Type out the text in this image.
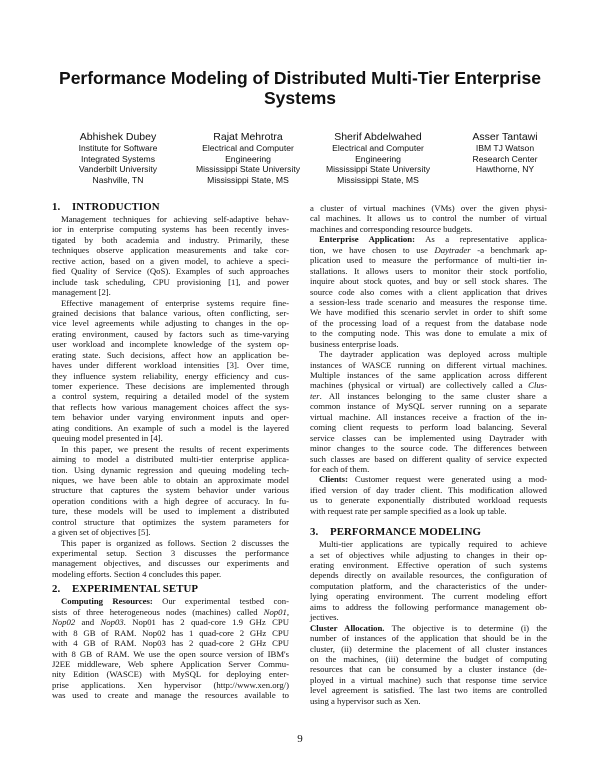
Performance Modeling of Distributed Multi-Tier Enterprise
Systems
Abhishek Dubey
Institute for Software
Integrated Systems
Vanderbilt University
Nashville, TN
Rajat Mehrotra
Electrical and Computer
Engineering
Mississippi State University
Mississippi State, MS
Sherif Abdelwahed
Electrical and Computer
Engineering
Mississippi State University
Mississippi State, MS
Asser Tantawi
IBM TJ Watson
Research Center
Hawthorne, NY
1. INTRODUCTION
Management techniques for achieving self-adaptive behav-
ior in enterprise computing systems has been recently inves-
tigated by both academia and industry. Primarily, these
techniques observe application measurements and take cor-
rective action, based on a given model, to achieve a speci-
fied Quality of Service (QoS). Examples of such approaches
include task scheduling, CPU provisioning [1], and power
management [2].
Effective management of enterprise systems require fine-
grained decisions that balance various, often conflicting, ser-
vice level agreements while adjusting to changes in the op-
erating environment, caused by factors such as time-varying
user workload and incomplete knowledge of the system op-
erating state. Such decisions, affect how an application be-
haves under different workload intensities [3]. Over time,
they influence system reliability, energy efficiency and cus-
tomer experience. These decisions are implemented through
a control system, requiring a detailed model of the system
that reflects how various management choices affect the sys-
tem behavior under varying environment inputs and oper-
ating conditions. An example of such a model is the layered
queuing model presented in [4].
In this paper, we present the results of recent experiments
aiming to model a distributed multi-tier enterprise applica-
tion. Using dynamic regression and queuing modeling tech-
niques, we have been able to obtain an approximate model
structure that captures the system behavior under various
operation conditions with a high degree of accuracy. In fu-
ture, these models will be used to implement a distributed
control structure that optimizes the system parameters for
a given set of objectives [5].
This paper is organized as follows. Section 2 discusses the
experimental setup. Section 3 discusses the performance
management objectives, and discusses our experiments and
modeling efforts. Section 4 concludes this paper.
2. EXPERIMENTAL SETUP
Computing Resources: Our experimental testbed con-
sists of three heterogeneous nodes (machines) called Nop01,
Nop02 and Nop03. Nop01 has 2 quad-core 1.9 GHz CPU
with 8 GB of RAM. Nop02 has 1 quad-core 2 GHz CPU
with 4 GB of RAM. Nop03 has 2 quad-core 2 GHz CPU
with 8 GB of RAM. We use the open source version of IBM's
J2EE middleware, Web sphere Application Server Commu-
nity Edition (WASCE) with MySQL for deploying enter-
prise applications. Xen hypervisor (http://www.xen.org/)
was used to create and manage the resources available to
a cluster of virtual machines (VMs) over the given physi-
cal machines. It allows us to control the number of virtual
machines and corresponding resource budgets.
Enterprise Application: As a representative applica-
tion, we have chosen to use Daytrader -a benchmark ap-
plication used to measure the performance of multi-tier in-
stallations. It allows users to monitor their stock portfolio,
inquire about stock quotes, and buy or sell stock shares. The
source code also comes with a client application that drives
a session-less trade scenario and measures the response time.
We have modified this scenario servlet in order to shift some
of the processing load of a request from the database node
to the computing node. This was done to emulate a mix of
business enterprise loads.
The daytrader application was deployed across multiple
instances of WASCE running on different virtual machines.
Multiple instances of the same application across different
machines (physical or virtual) are collectively called a Clus-
ter. All instances belonging to the same cluster share a
common instance of MySQL server running on a separate
virtual machine. All instances receive a fraction of the in-
coming client requests to perform load balancing. Several
service classes can be implemented using Daytrader with
minor changes to the source code. The differences between
such classes are based on different quality of service expected
for each of them.
Clients: Customer request were generated using a mod-
ified version of day trader client. This modification allowed
us to generate exponentially distributed workload requests
with request rate per sample specified as a look up table.
3. PERFORMANCE MODELING
Multi-tier applications are typically required to achieve
a set of objectives while adjusting to changes in their op-
erating environment. Effective operation of such systems
depends directly on available resources, the configuration of
computation platform, and the characteristics of the under-
lying operating environment. The current modeling effort
aims to address the following performance management ob-
jectives.
Cluster Allocation. The objective is to determine (i) the
number of instances of the application that should be in the
cluster, (ii) determine the placement of all cluster instances
on the machines, (iii) determine the budget of computing
resources that can be consumed by a cluster instance (de-
ployed in a virtual machine) such that response time service
level agreement is satisfied. The last two items are controlled
using a hypervisor such as Xen.
9
